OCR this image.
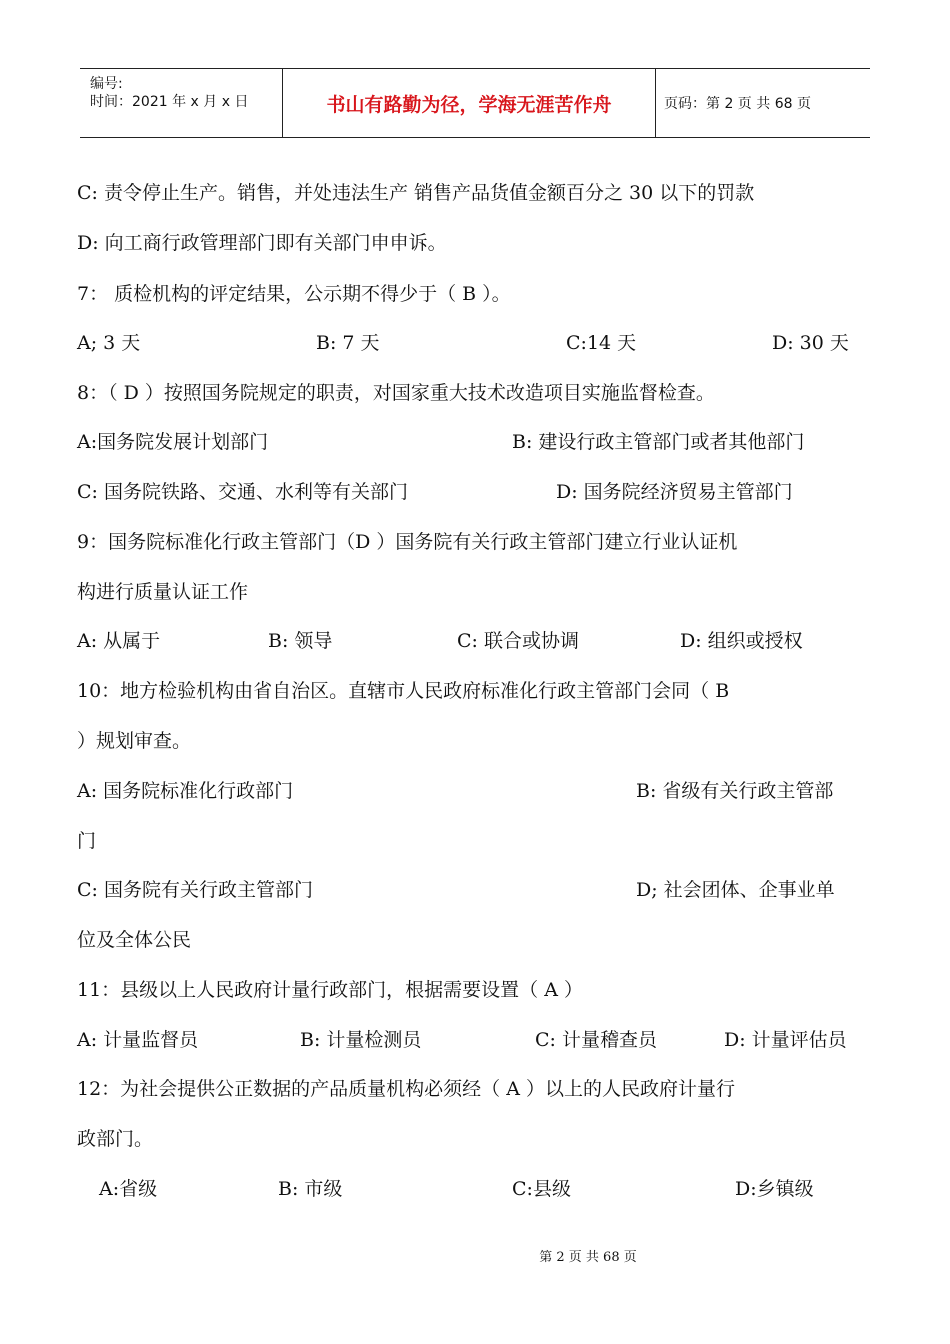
编号:
时间：2021 年 x 月 x 日	书山有路勤为径，学海无涯苦作舟	页码：第 2 页 共 68 页
C: 责令停止生产。销售，并处违法生产 销售产品货值金额百分之 30 以下的罚款
D: 向工商行政管理部门即有关部门申申诉。
7： 质检机构的评定结果，公示期不得少于（ B ）。
A; 3 天	B: 7 天	C:14 天	D: 30 天
8：（ D ）按照国务院规定的职责，对国家重大技术改造项目实施监督检查。
A:国务院发展计划部门	B: 建设行政主管部门或者其他部门
C: 国务院铁路、交通、水利等有关部门	D: 国务院经济贸易主管部门
9：国务院标准化行政主管部门（D ）国务院有关行政主管部门建立行业认证机
构进行质量认证工作
A: 从属于	B: 领导	C: 联合或协调	D: 组织或授权
10：地方检验机构由省自治区。直辖市人民政府标准化行政主管部门会同（ B
）规划审查。
A: 国务院标准化行政部门	B: 省级有关行政主管部
门
C: 国务院有关行政主管部门	D; 社会团体、企事业单
位及全体公民
11：县级以上人民政府计量行政部门，根据需要设置（ A ）
A: 计量监督员	B: 计量检测员	C: 计量稽查员	D: 计量评估员
12：为社会提供公正数据的产品质量机构必须经（ A ）以上的人民政府计量行
政部门。
A:省级	B: 市级	C:县级	D:乡镇级
第 2 页 共 68 页
